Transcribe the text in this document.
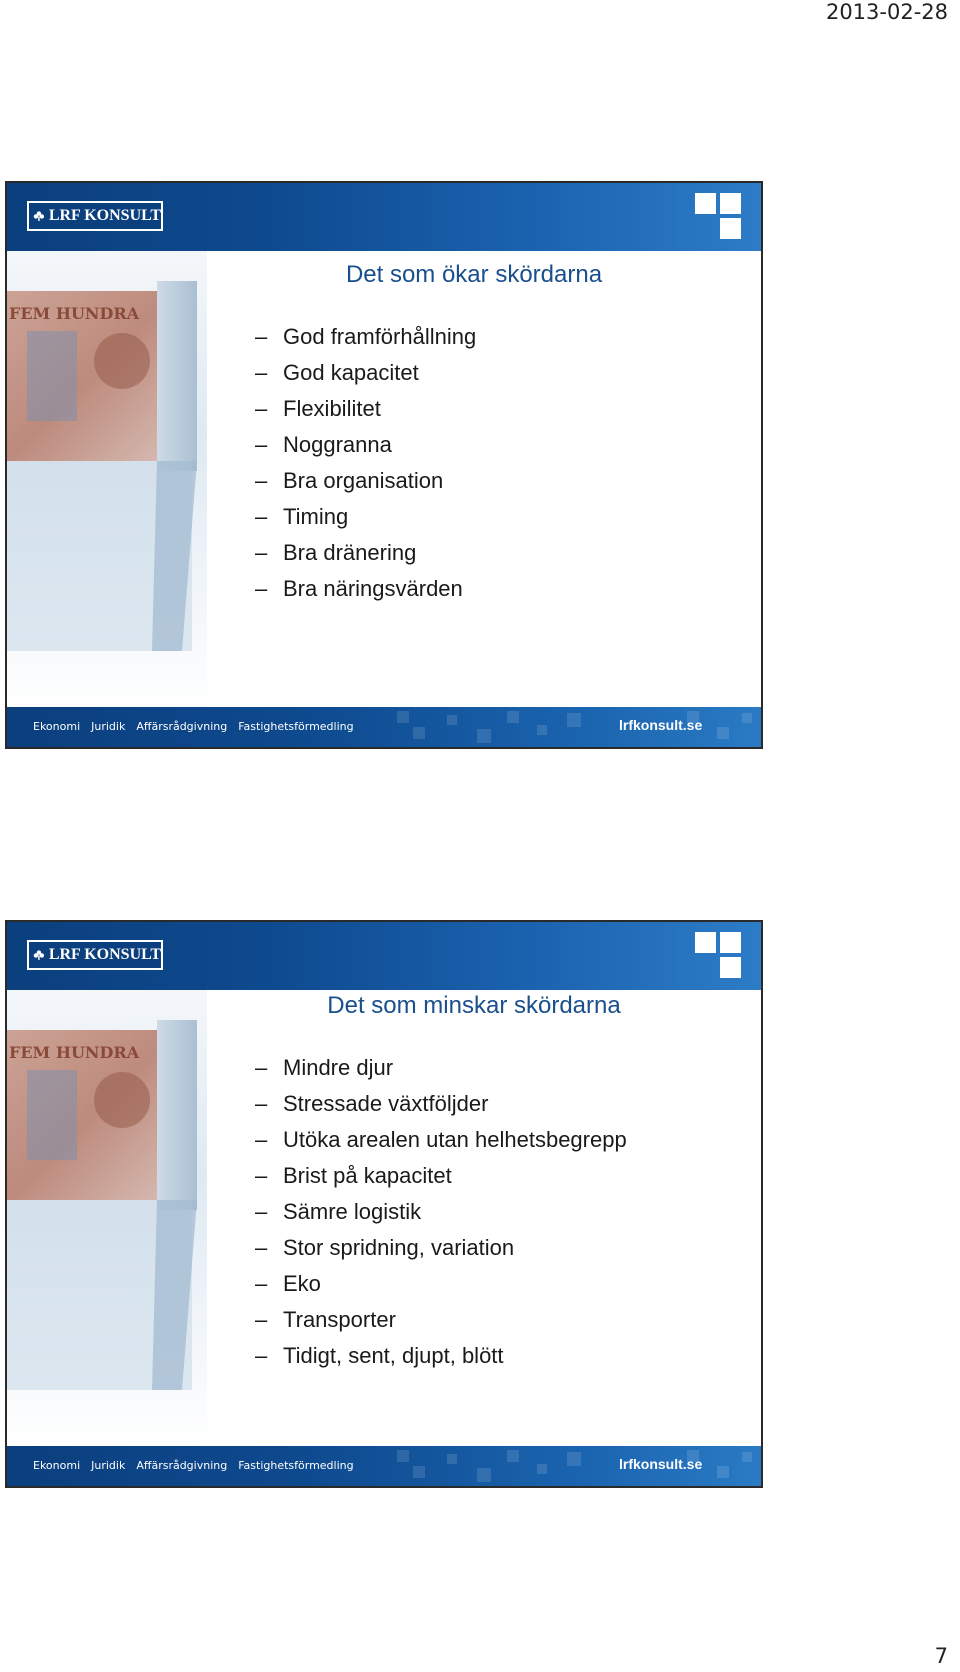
2013-02-28
LRF KONSULT
FEM HUNDRA
Det som ökar skördarna
– God framförhållning
– God kapacitet
– Flexibilitet
– Noggranna
– Bra organisation
– Timing
– Bra dränering
– Bra näringsvärden
Ekonomi Juridik Affärsrådgivning Fastighetsförmedling	lrfkonsult.se
LRF KONSULT
FEM HUNDRA
Det som minskar skördarna
– Mindre djur
– Stressade växtföljder
– Utöka arealen utan helhetsbegrepp
– Brist på kapacitet
– Sämre logistik
– Stor spridning, variation
– Eko
– Transporter
– Tidigt, sent, djupt, blött
Ekonomi Juridik Affärsrådgivning Fastighetsförmedling	lrfkonsult.se
7
